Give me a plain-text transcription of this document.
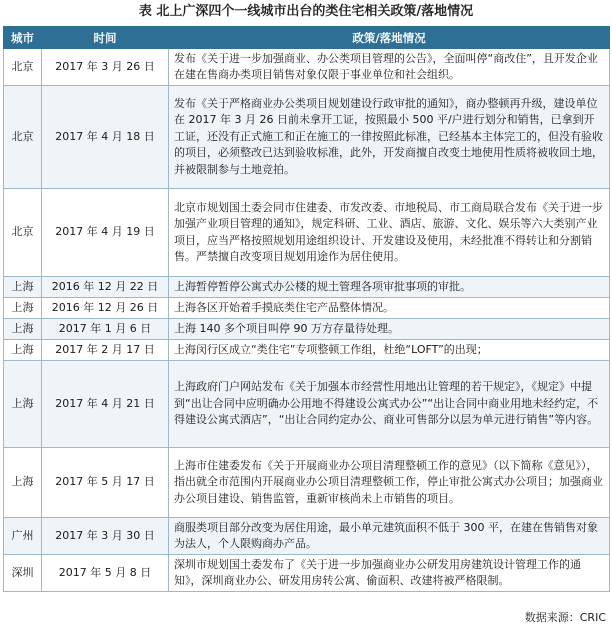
表 北上广深四个一线城市出台的类住宅相关政策/落地情况
城市	时间	政策/落地情况
北京	2017 年 3 月 26 日	发布《关于进一步加强商业、办公类项目管理的公告》，全面叫停“商改住”，且开发企业在建在售商办类项目销售对象仅限于事业单位和社会组织。
北京	2017 年 4 月 18 日	发布《关于严格商业办公类项目规划建设行政审批的通知》，商办整顿再升级，建设单位在 2017 年 3 月 26 日前未拿开工证，按照最小 500 平/户进行划分和销售，已拿到开工证，还没有正式施工和正在施工的一律按照此标准，已经基本主体完工的，但没有验收的项目，必须整改已达到验收标准，此外，开发商擅自改变土地使用性质将被收回土地，并被限制参与土地竞拍。
北京	2017 年 4 月 19 日	北京市规划国土委会同市住建委、市发改委、市地税局、市工商局联合发布《关于进一步加强产业项目管理的通知》，规定科研、工业、酒店、旅游、文化、娱乐等六大类别产业项目，应当严格按照规划用途组织设计、开发建设及使用，未经批准不得转让和分割销售。严禁擅自改变项目规划用途作为居住使用。
上海	2016 年 12 月 22 日	上海暂停暂停公寓式办公楼的规土管理各项审批事项的审批。
上海	2016 年 12 月 26 日	上海各区开始着手摸底类住宅产品整体情况。
上海	2017 年 1 月 6 日	上海 140 多个项目叫停 90 万方存量待处理。
上海	2017 年 2 月 17 日	上海闵行区成立“类住宅”专项整顿工作组，杜绝“LOFT”的出现；
上海	2017 年 4 月 21 日	上海政府门户网站发布《关于加强本市经营性用地出让管理的若干规定》，《规定》中提到“出让合同中应明确办公用地不得建设公寓式办公”“出让合同中商业用地未经约定，不得建设公寓式酒店”，“出让合同约定办公、商业可售部分以层为单元进行销售”等内容。
上海	2017 年 5 月 17 日	上海市住建委发布《关于开展商业办公项目清理整顿工作的意见》（以下简称《意见》），指出就全市范围内开展商业办公项目清理整顿工作，停止审批公寓式办公项目；加强商业办公项目建设、销售监管，重新审核尚未上市销售的项目。
广州	2017 年 3 月 30 日	商服类项目部分改变为居住用途，最小单元建筑面积不低于 300 平，在建在售销售对象为法人，个人限购商办产品。
深圳	2017 年 5 月 8 日	深圳市规划国土委发布了《关于进一步加强商业办公研发用房建筑设计管理工作的通知》，深圳商业办公、研发用房转公寓、偷面积、改建将被严格限制。
数据来源：CRIC
